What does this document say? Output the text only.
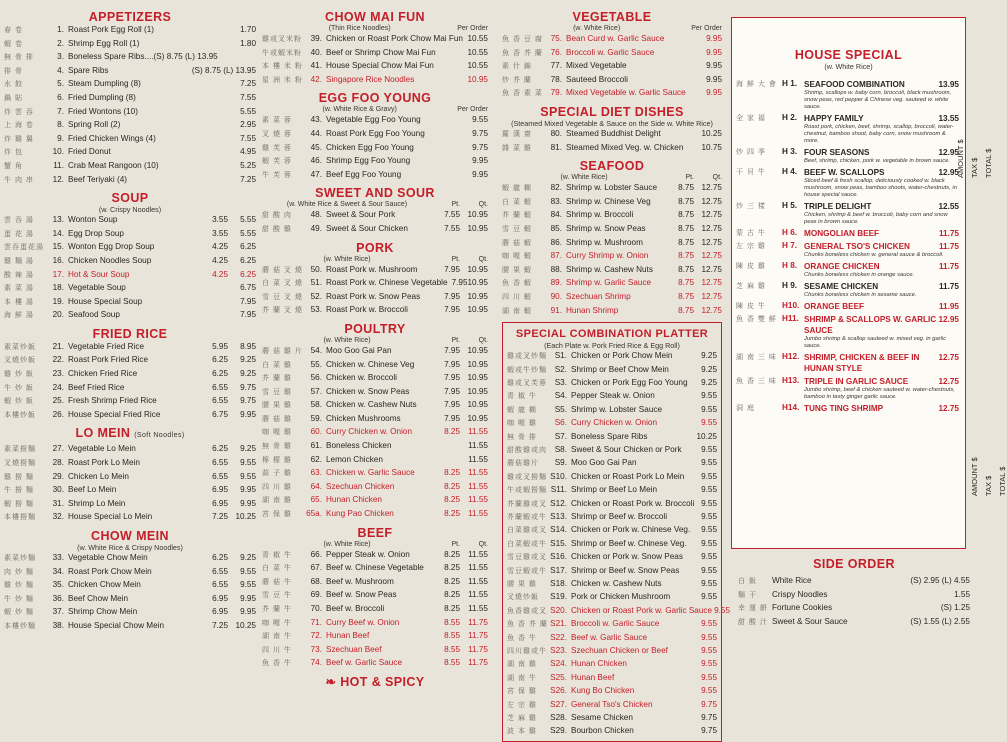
APPETIZERS
春 卷	1. Roast Pork Egg Roll (1)	1.70
蝦 卷	2. Shrimp Egg Roll (1)	1.80
無 骨 排	3. Boneless Spare Ribs....(S) 8.75 (L) 13.95
排 骨	4. Spare Ribs	(S) 8.75 (L) 13.95
水 餃	5. Steam Dumpling (8)	7.25
鍋 貼	6. Fried Dumpling (8)	7.55
炸 雲 吞	7. Fried Wontons (10)	5.55
上 海 卷	8. Spring Roll (2)	2.95
炸 雞 翼	9. Fried Chicken Wings (4)	7.55
炸 包	10. Fried Donut	4.95
蟹 角	11. Crab Meat Rangoon (10)	5.25
牛 肉 串	12. Beef Teriyaki (4)	7.25
SOUP
(w. Crispy Noodles)
雲 吞 湯	13. Wonton Soup	3.55	5.55
蛋 花 湯	14. Egg Drop Soup	3.55	5.55
雲吞蛋花湯	15. Wonton Egg Drop Soup	4.25	6.25
雞 麵 湯	16. Chicken Noodles Soup	4.25	6.25
酸 辣 湯	17. Hot & Sour Soup	4.25	6.25
素 菜 湯	18. Vegetable Soup	6.75
本 樓 湯	19. House Special Soup	7.95
海 鮮 湯	20. Seafood Soup	7.95
FRIED RICE
素菜炒飯	21. Vegetable Fried Rice	5.95	8.95
叉燒炒飯	22. Roast Pork Fried Rice	6.25	9.25
雞 炒 飯	23. Chicken Fried Rice	6.25	9.25
牛 炒 飯	24. Beef Fried Rice	6.55	9.75
蝦 炒 飯	25. Fresh Shrimp Fried Rice	6.55	9.75
本樓炒飯	26. House Special Fried Rice	6.75	9.95
LO MEIN (Soft Noodles)
素菜撈麵	27. Vegetable Lo Mein	6.25	9.25
叉燒撈麵	28. Roast Pork Lo Mein	6.55	9.55
雞 撈 麵	29. Chicken Lo Mein	6.55	9.55
牛 撈 麵	30. Beef Lo Mein	6.95	9.95
蝦 撈 麵	31. Shrimp Lo Mein	6.95	9.95
本樓撈麵	32. House Special Lo Mein	7.25 10.25
CHOW MEIN
(w. White Rice & Crispy Noodles)
素菜炒麵	33. Vegetable Chow Mein	6.25	9.25
肉 炒 麵	34. Roast Pork Chow Mein	6.55	9.55
雞 炒 麵	35. Chicken Chow Mein	6.55	9.55
牛 炒 麵	36. Beef Chow Mein	6.95	9.95
蝦 炒 麵	37. Shrimp Chow Mein	6.95	9.95
本樓炒麵	38. House Special Chow Mein	7.25 10.25
CHOW MAI FUN
(Thin Rice Noodles)	Per Order
雞或叉米粉	39. Chicken or Roast Pork Chow Mai Fun 10.55
牛或蝦米粉	40. Beef or Shrimp Chow Mai Fun	10.55
本 樓 米 粉 41. House Special Chow Mai Fun	10.55
星 洲 米 粉 42. Singapore Rice Noodles	10.95
EGG FOO YOUNG
(w. White Rice & Gravy)	Per Order
素 菜 蓉	43. Vegetable Egg Foo Young	9.55
叉 燒 蓉	44. Roast Pork Egg Foo Young	9.75
雞 芙 蓉	45. Chicken Egg Foo Young	9.75
蝦 芙 蓉	46. Shrimp Egg Foo Young	9.95
牛 芙 蓉	47. Beef Egg Foo Young	9.95
SWEET AND SOUR
(w. White Rice & Sweet & Sour Sauce)	Pt.	Qt.
甜 酸 肉	48. Sweet & Sour Pork	7.55 10.95
甜 酸 雞	49. Sweet & Sour Chicken	7.55 10.95
PORK
(w. White Rice)	Pt.	Qt.
蘑 菇 叉 燒 50. Roast Pork w. Mushroom	7.95 10.95
白 菜 叉 燒 51. Roast Pork w. Chinese Vegetable 7.95 10.95
雪 豆 叉 燒 52. Roast Pork w. Snow Peas	7.95 10.95
芥 蘭 叉 燒 53. Roast Pork w. Broccoli	7.95 10.95
POULTRY
(w. White Rice)	Pt.	Qt.
蘑 菇 雞 片 54. Moo Goo Gai Pan	7.95 10.95
白 菜 雞	55. Chicken w. Chinese Veg	7.95 10.95
芥 蘭 雞	56. Chicken w. Broccoli	7.95 10.95
雪 豆 雞	57. Chicken w. Snow Peas	7.95 10.95
腰 果 雞	58. Chicken w. Cashew Nuts	7.95 10.95
蘑 菇 雞	59. Chicken Mushrooms	7.95 10.95
咖 喱 雞	60. Curry Chicken w. Onion	8.25 11.55
無 骨 雞	61. Boneless Chicken	11.55
檸 檬 雞	62. Lemon Chicken	11.55
蒜 子 雞	63. Chicken w. Garlic Sauce	8.25 11.55
四 川 雞	64. Szechuan Chicken	8.25 11.55
湖 南 雞	65. Hunan Chicken	8.25 11.55
宮 保 雞	65a. Kung Pao Chicken	8.25 11.55
BEEF
(w. White Rice)	Pt.	Qt.
青 椒 牛	66. Pepper Steak w. Onion	8.25 11.55
白 菜 牛	67. Beef w. Chinese Vegetable	8.25 11.55
蘑 菇 牛	68. Beef w. Mushroom	8.25 11.55
雪 豆 牛	69. Beef w. Snow Peas	8.25 11.55
芥 蘭 牛	70. Beef w. Broccoli	8.25 11.55
咖 喱 牛	71. Curry Beef w. Onion	8.55 11.75
湖 南 牛	72. Hunan Beef	8.55 11.75
四 川 牛	73. Szechuan Beef	8.55 11.75
魚 香 牛	74. Beef w. Garlic Sauce	8.55 11.75
❧ HOT & SPICY
VEGETABLE
(w. White Rice)	Per Order
魚 香 豆 腐 75. Bean Curd w. Garlic Sauce	9.95
魚 香 芥 蘭 76. Broccoli w. Garlic Sauce	9.95
素 什 錦	77. Mixed Vegetable	9.95
炒 芥 蘭	78. Sauteed Broccoli	9.95
魚 香 素 菜 79. Mixed Vegetable w. Garlic Sauce	9.95
SPECIAL DIET DISHES
(Steamed Mixed Vegetable & Sauce on the Side w. White Rice)
羅 漢 齋	80. Steamed Buddhist Delight	10.25
雜 菜 雞	81. Steamed Mixed Veg. w. Chicken	10.75
SEAFOOD
(w. White Rice)	Pt.	Qt.
蝦 龍 糊	82. Shrimp w. Lobster Sauce	8.75 12.75
白 菜 蝦	83. Shrimp w. Chinese Veg	8.75 12.75
芥 蘭 蝦	84. Shrimp w. Broccoli	8.75 12.75
雪 豆 蝦	85. Shrimp w. Snow Peas	8.75 12.75
蘑 菇 蝦	86. Shrimp w. Mushroom	8.75 12.75
咖 喱 蝦	87. Curry Shrimp w. Onion	8.75 12.75
腰 果 蝦	88. Shrimp w. Cashew Nuts	8.75 12.75
魚 香 蝦	89. Shrimp w. Garlic Sauce	8.75 12.75
四 川 蝦	90. Szechuan Shrimp	8.75 12.75
湖 南 蝦	91. Hunan Shrimp	8.75 12.75
SPECIAL COMBINATION PLATTER
(Each Plate w. Pork Fried Rice & Egg Roll)
雞或叉炒麵 S1. Chicken or Pork Chow Mein	9.25
蝦或牛炒麵 S2. Shrimp or Beef Chow Mein	9.25
雞或叉芙蓉 S3. Chicken or Pork Egg Foo Young	9.25
青 椒 牛	S4. Pepper Steak w. Onion	9.55
蝦 龍 糊	S5. Shrimp w. Lobster Sauce	9.55
咖 喱 雞	S6. Curry Chicken w. Onion	9.55
無 骨 排	S7. Boneless Spare Ribs	10.25
甜酸雞或肉 S8. Sweet & Sour Chicken or Pork	9.55
蘑菇雞片	S9. Moo Goo Gai Pan	9.55
雞或叉撈麵 S10. Chicken or Roast Pork Lo Mein	9.55
牛或蝦撈麵 S11. Shrimp or Beef Lo Mein	9.55
芥蘭雞或叉 S12. Chicken or Roast Pork w. Broccoli 9.55
芥蘭蝦或牛 S13. Shrimp or Beef w. Broccoli	9.55
白菜雞或叉 S14. Chicken or Pork w. Chinese Veg.	9.55
白菜蝦或牛 S15. Shrimp or Beef w. Chinese Veg.	9.55
雪豆雞或叉 S16. Chicken or Pork w. Snow Peas	9.55
雪豆蝦或牛 S17. Shrimp or Beef w. Snow Peas	9.55
腰 果 雞	S18. Chicken w. Cashew Nuts	9.55
叉燒炒飯	S19. Pork or Chicken Mushroom	9.55
魚香雞或叉 S20. Chicken or Roast Pork w. Garlic Sauce 9.55
魚 香 芥 蘭 S21. Broccoli w. Garlic Sauce	9.55
魚 香 牛	S22. Beef w. Garlic Sauce	9.55
四川雞或牛 S23. Szechuan Chicken or Beef	9.55
湖 南 雞	S24. Hunan Chicken	9.55
湖 南 牛	S25. Hunan Beef	9.55
宮 保 雞	S26. Kung Bo Chicken	9.55
左 宗 雞	S27. General Tso's Chicken	9.75
芝 麻 雞	S28. Sesame Chicken	9.75
波 本 雞	S29. Bourbon Chicken	9.75
HOUSE SPECIAL
(w. White Rice)
海 鮮 大 會 H 1. SEAFOOD COMBINATION	13.95
Shrimp, scallops w. baby corn, broccoli, black mushroom, snow peas, red pepper & Chinese veg. sauteed w. white sauce.
全 家 福	H 2. HAPPY FAMILY	13.55
Roast pork, chicken, beef, shrimp, scallop, broccoli, water-chestnut, bamboo shoot, baby corn, snow mushroom & more.
炒 四 季	H 3. FOUR SEASONS	12.95
Beef, shrimp, chicken, pork w. vegetable in brown sauce.
干 貝 牛	H 4. BEEF W. SCALLOPS	12.95
Sliced beef & fresh scallop, deliciously cooked w. black mushroom, snow peas, bamboo shoots, water-chestnuts, in house special sauce.
炒 三 樣	H 5. TRIPLE DELIGHT	12.55
Chicken, shrimp & beef w. broccoli, baby corn and snow peas in brown sauce.
蒙 古 牛	H 6. MONGOLIAN BEEF	11.75
左 宗 雞	H 7. GENERAL TSO'S CHICKEN	11.75
Chunks boneless chicken w. general sauce & broccoli.
陳 皮 雞	H 8. ORANGE CHICKEN	11.75
Chunks boneless chicken in orange sauce.
芝 麻 雞	H 9. SESAME CHICKEN	11.75
Chunks boneless chicken in sesame sauce.
陳 皮 牛	H10. ORANGE BEEF	11.95
魚 香 雙 鮮 H11. SHRIMP & SCALLOPS W. GARLIC SAUCE
12.95
Jumbo shrimp & scallop sauteed w. mixed veg. in garlic sauce.
湖 南 三 味 H12. SHRIMP, CHICKEN & BEEF IN HUNAN STYLE
12.75
魚 香 三 味 H13. TRIPLE IN GARLIC SAUCE	12.75
Jumbo shrimp, beef & chicken sauteed w. water-chestnuts, bamboo in tasty ginger garlic sauce.
洞 庭	H14. TUNG TING SHRIMP	12.75
SIDE ORDER
白 飯	White Rice	(S) 2.95 (L) 4.55
麵 干	Crispy Noodles	1.55
幸 運 餅 Fortune Cookies	(S) 1.25
甜 酸 汁 Sweet & Sour Sauce	(S) 1.55 (L) 2.55
AMOUNT $ TAX $ TOTAL $
AMOUNT $ TAX $ TOTAL $
